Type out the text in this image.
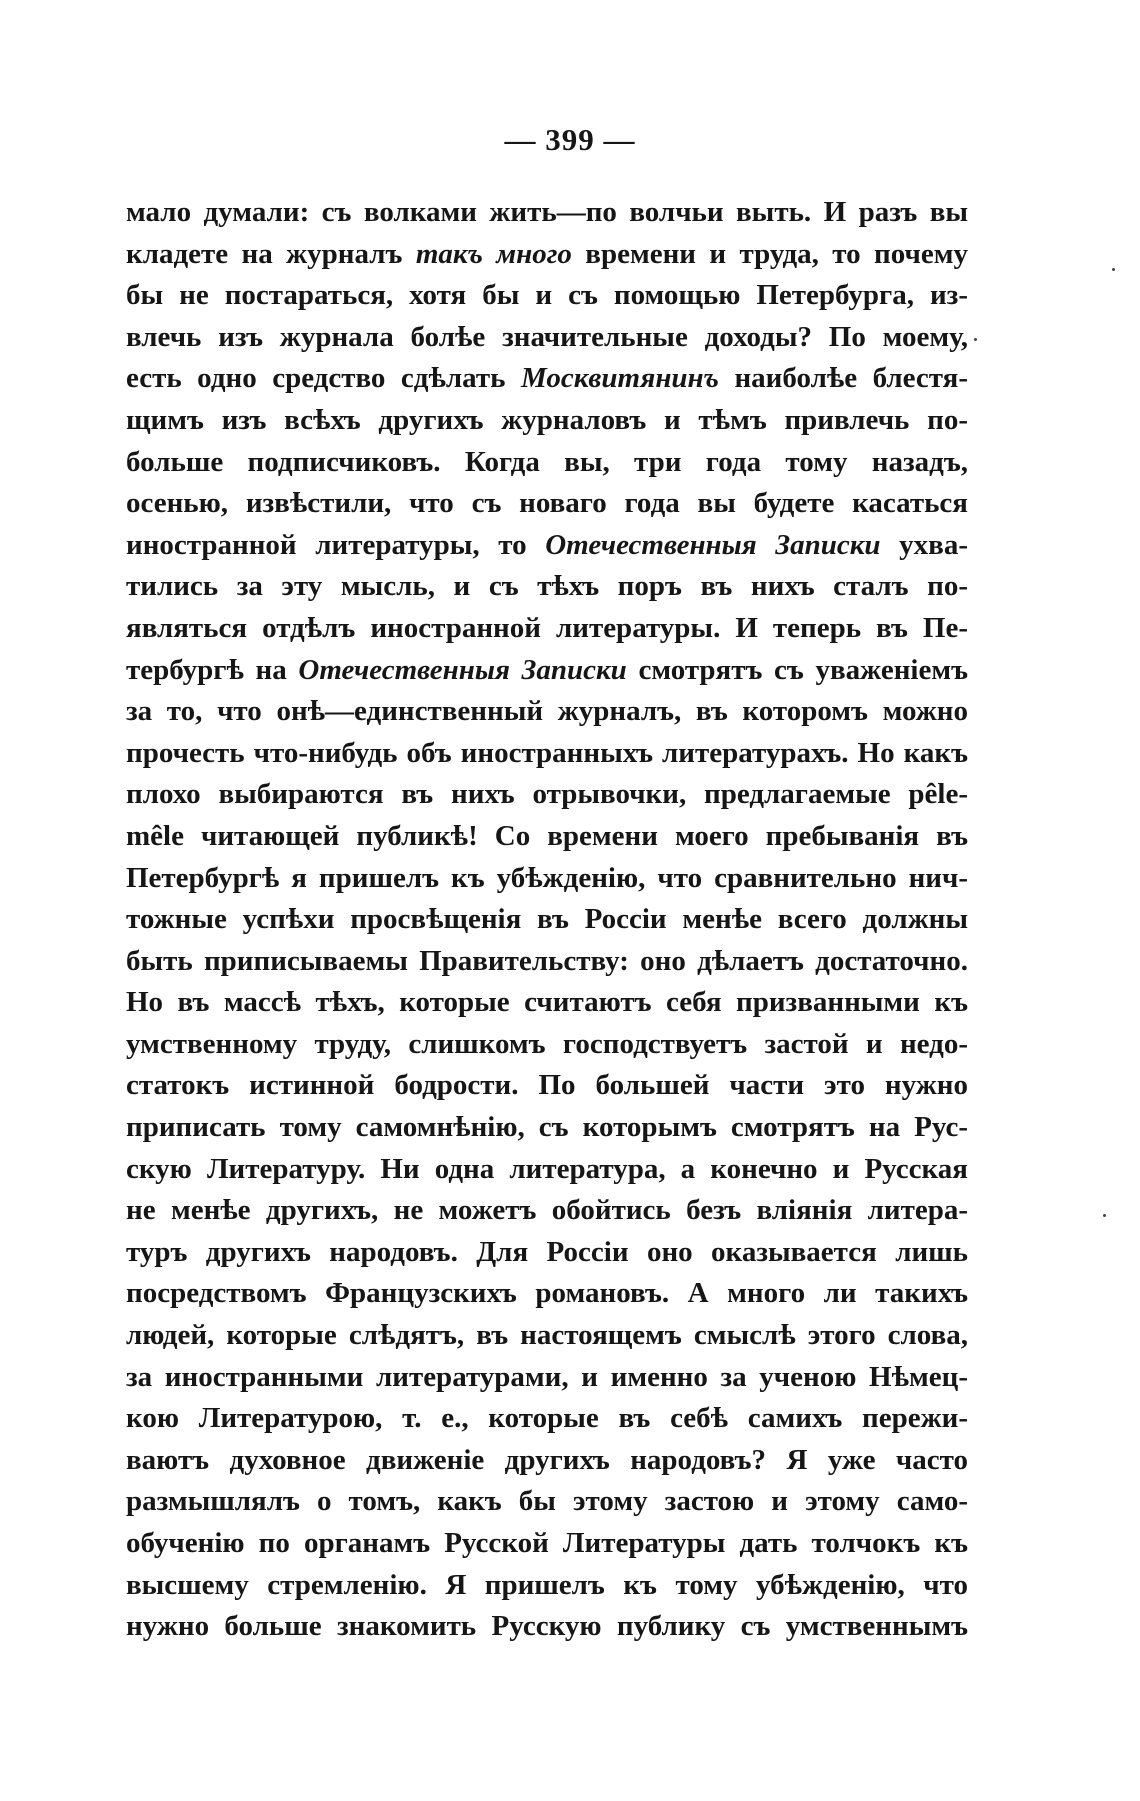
— 399 —
мало думали: съ волками жить—по волчьи выть. И разъ вы
кладете на журналъ такъ много времени и труда, то почему
бы не постараться, хотя бы и съ помощью Петербурга, из-
влечь изъ журнала болѣе значительные доходы? По моему,
есть одно средство сдѣлать Москвитянинъ наиболѣе блестя-
щимъ изъ всѣхъ другихъ журналовъ и тѣмъ привлечь по-
больше подписчиковъ. Когда вы, три года тому назадъ,
осенью, извѣстили, что съ новаго года вы будете касаться
иностранной литературы, то Отечественныя Записки ухва-
тились за эту мысль, и съ тѣхъ поръ въ нихъ сталъ по-
являться отдѣлъ иностранной литературы. И теперь въ Пе-
тербургѣ на Отечественныя Записки смотрятъ съ уваженіемъ
за то, что онѣ—единственный журналъ, въ которомъ можно
прочесть что-нибудь объ иностранныхъ литературахъ. Но какъ
плохо выбираются въ нихъ отрывочки, предлагаемые pêle-
mêle читающей публикѣ! Со времени моего пребыванія въ
Петербургѣ я пришелъ къ убѣжденію, что сравнительно нич-
тожные успѣхи просвѣщенія въ Россіи менѣе всего должны
быть приписываемы Правительству: оно дѣлаетъ достаточно.
Но въ массѣ тѣхъ, которые считаютъ себя призванными къ
умственному труду, слишкомъ господствуетъ застой и недо-
статокъ истинной бодрости. По большей части это нужно
приписать тому самомнѣнію, съ которымъ смотрятъ на Рус-
скую Литературу. Ни одна литература, а конечно и Русская
не менѣе другихъ, не можетъ обойтись безъ вліянія литера-
туръ другихъ народовъ. Для Россіи оно оказывается лишь
посредствомъ Французскихъ романовъ. А много ли такихъ
людей, которые слѣдятъ, въ настоящемъ смыслѣ этого слова,
за иностранными литературами, и именно за ученою Нѣмец-
кою Литературою, т. е., которые въ себѣ самихъ пережи-
ваютъ духовное движеніе другихъ народовъ? Я уже часто
размышлялъ о томъ, какъ бы этому застою и этому само-
обученію по органамъ Русской Литературы дать толчокъ къ
высшему стремленію. Я пришелъ къ тому убѣжденію, что
нужно больше знакомить Русскую публику съ умственнымъ
